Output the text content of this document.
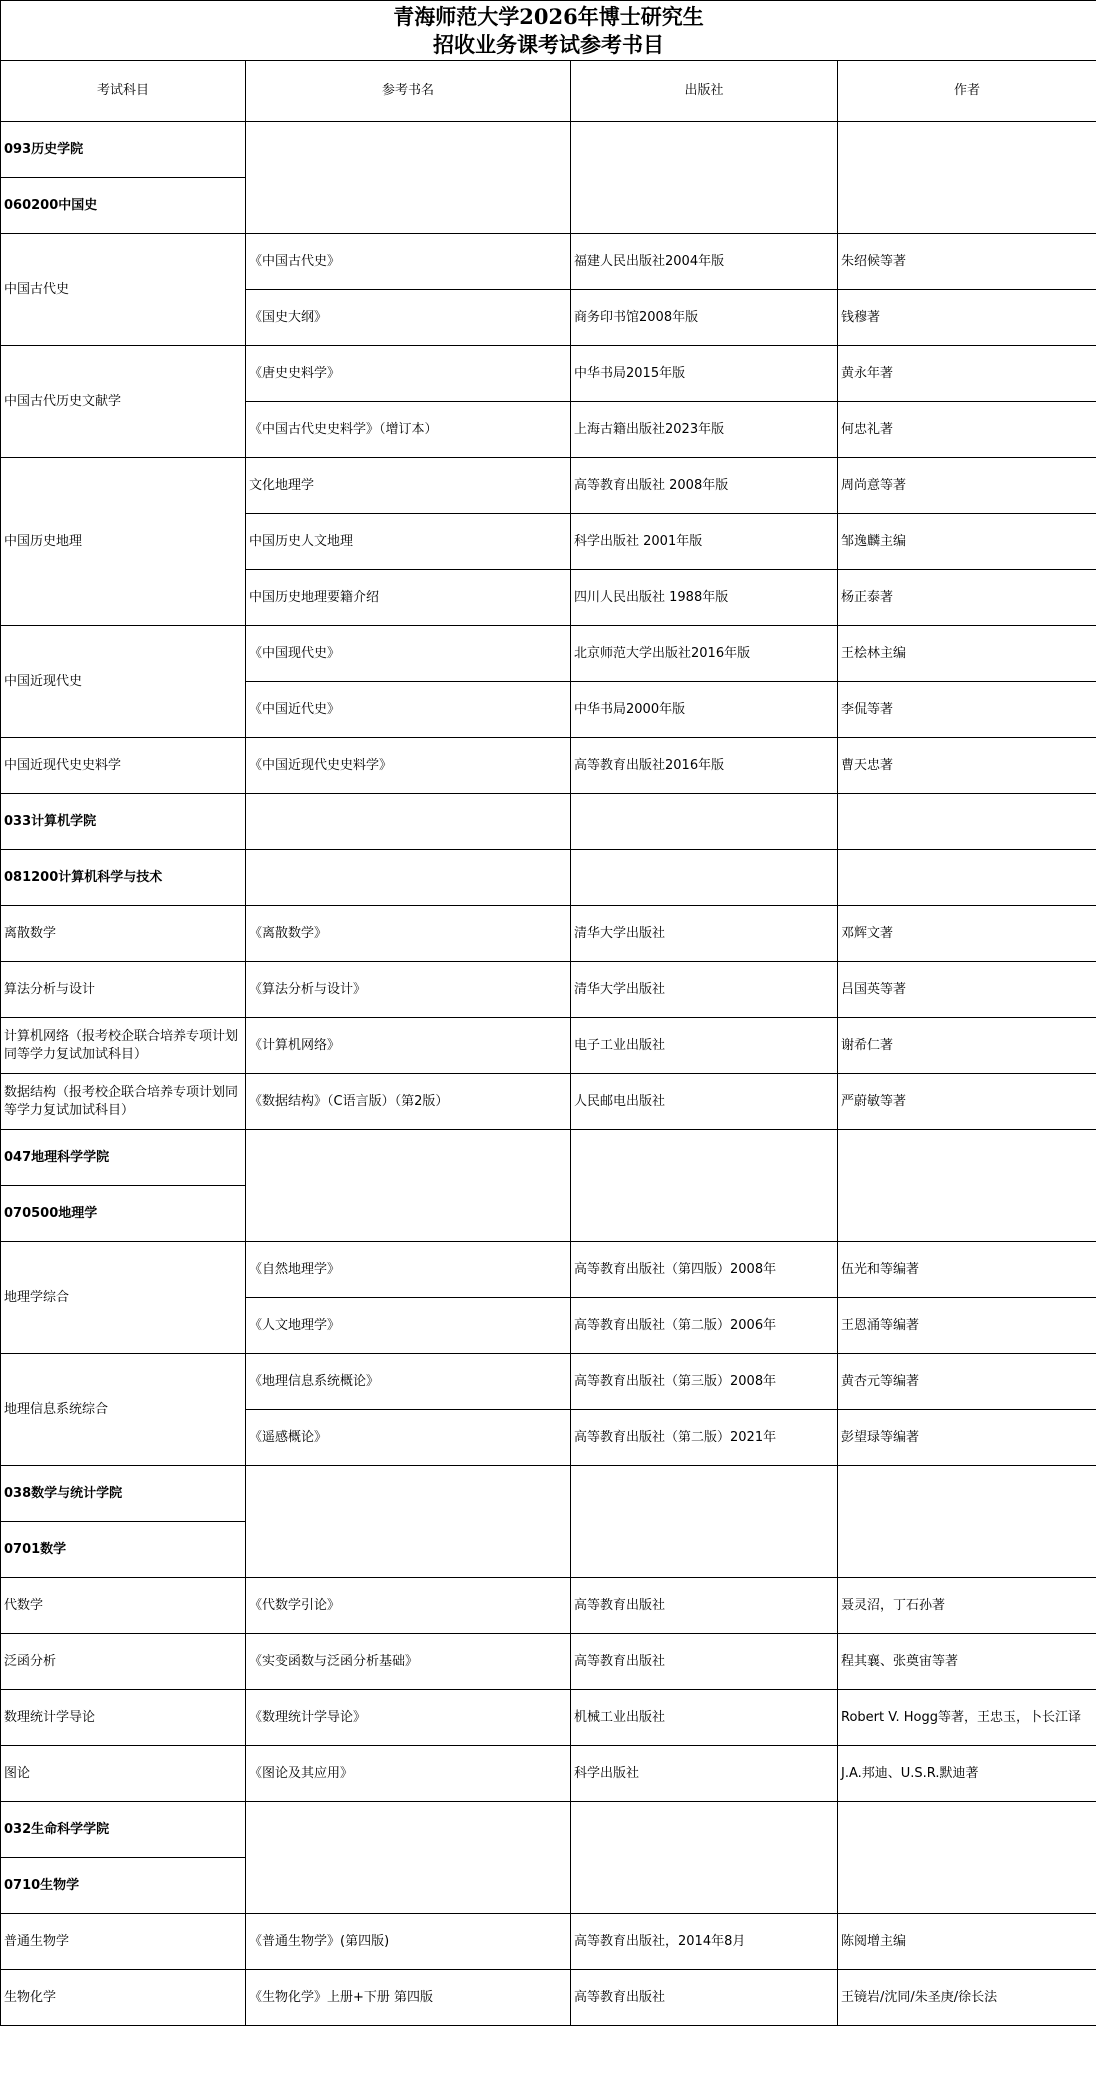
青海师范大学2026年博士研究生
招收业务课考试参考书目			

考试科目	参考书名	出版社	作者
093历史学院			
060200中国史			
中国古代史	《中国古代史》	福建人民出版社2004年版	朱绍候等著
	《国史大纲》	商务印书馆2008年版	钱穆著
中国古代历史文献学	《唐史史料学》	中华书局2015年版	黄永年著
	《中国古代史史料学》（增订本）	上海古籍出版社2023年版	何忠礼著
中国历史地理	文化地理学	高等教育出版社 2008年版	周尚意等著
	中国历史人文地理	科学出版社 2001年版	邹逸麟主编
	中国历史地理要籍介绍	四川人民出版社 1988年版	杨正泰著
中国近现代史	《中国现代史》	北京师范大学出版社2016年版	王桧林主编
	《中国近代史》	中华书局2000年版	李侃等著
中国近现代史史料学	《中国近现代史史料学》	高等教育出版社2016年版	曹天忠著
033计算机学院			
081200计算机科学与技术			
离散数学	《离散数学》	清华大学出版社	邓辉文著
算法分析与设计	《算法分析与设计》	清华大学出版社	吕国英等著
计算机网络（报考校企联合培养专项计划同等学力复试加试科目）	《计算机网络》	电子工业出版社	谢希仁著
数据结构（报考校企联合培养专项计划同等学力复试加试科目）	《数据结构》（C语言版）（第2版）	人民邮电出版社	严蔚敏等著
047地理科学学院			
070500地理学			
地理学综合	《自然地理学》	高等教育出版社（第四版）2008年	伍光和等编著
	《人文地理学》	高等教育出版社（第二版）2006年	王恩涌等编著
地理信息系统综合	《地理信息系统概论》	高等教育出版社（第三版）2008年	黄杏元等编著
	《遥感概论》	高等教育出版社（第二版）2021年	彭望琭等编著
038数学与统计学院			
0701数学			
代数学	《代数学引论》	高等教育出版社	聂灵沼，丁石孙著
泛函分析	《实变函数与泛函分析基础》	高等教育出版社	程其襄、张奠宙等著
数理统计学导论	《数理统计学导论》	机械工业出版社	Robert V. Hogg等著，王忠玉，卜长江译
图论	《图论及其应用》	科学出版社	J.A.邦迪、U.S.R.默迪著
032生命科学学院			
0710生物学			
普通生物学	《普通生物学》(第四版)	高等教育出版社，2014年8月	陈阅增主编
生物化学	《生物化学》上册+下册 第四版	高等教育出版社	王镜岩/沈同/朱圣庚/徐长法
